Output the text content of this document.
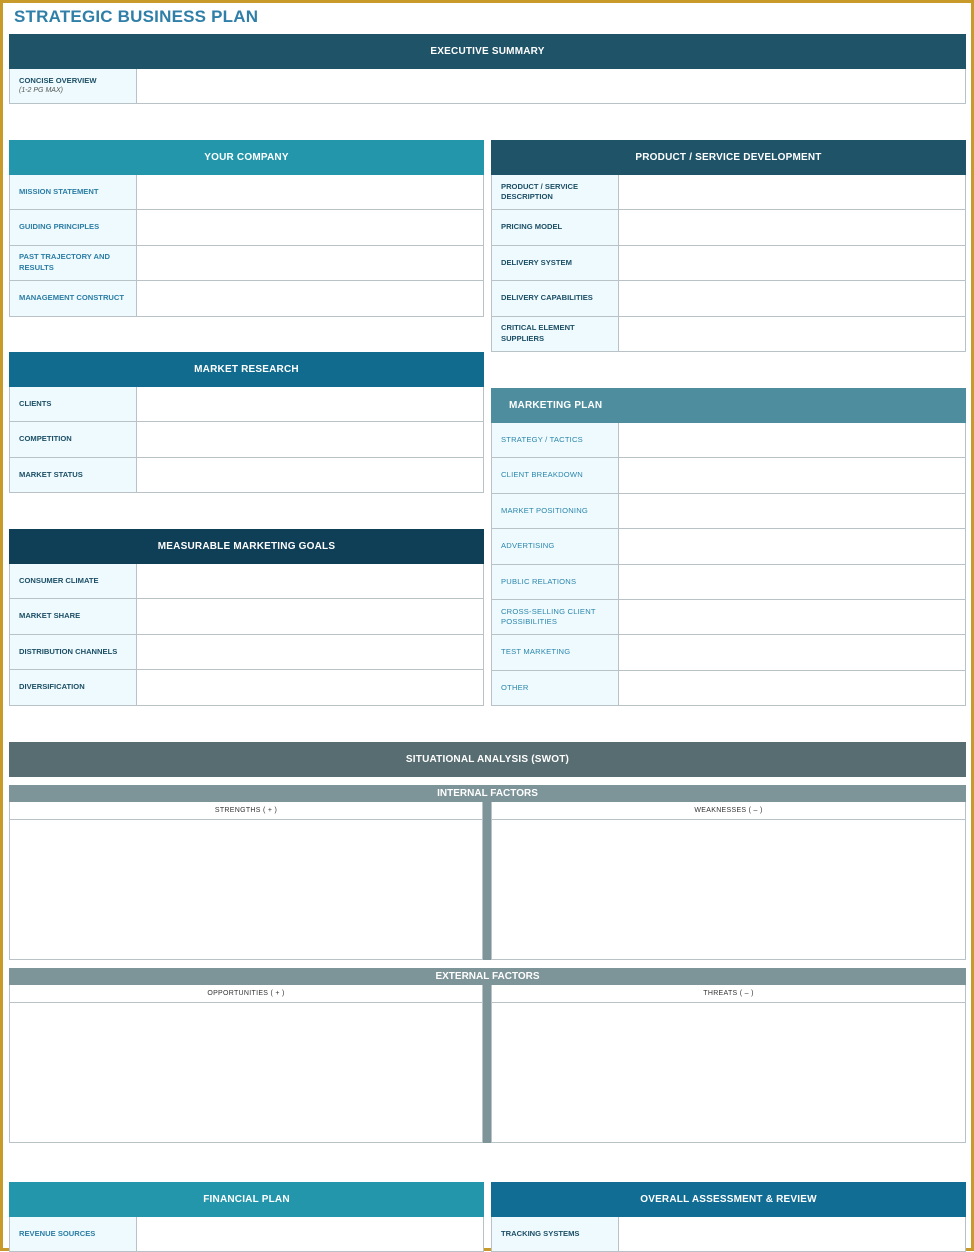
STRATEGIC BUSINESS PLAN
EXECUTIVE SUMMARY
CONCISE OVERVIEW
(1-2 PG MAX)
YOUR COMPANY
MISSION STATEMENT
GUIDING PRINCIPLES
PAST TRAJECTORY AND RESULTS
MANAGEMENT CONSTRUCT
PRODUCT / SERVICE DEVELOPMENT
PRODUCT / SERVICE DESCRIPTION
PRICING MODEL
DELIVERY SYSTEM
DELIVERY CAPABILITIES
CRITICAL ELEMENT SUPPLIERS
MARKET RESEARCH
CLIENTS
COMPETITION
MARKET STATUS
MARKETING PLAN
STRATEGY / TACTICS
CLIENT BREAKDOWN
MARKET POSITIONING
ADVERTISING
PUBLIC RELATIONS
CROSS-SELLING CLIENT POSSIBILITIES
TEST MARKETING
OTHER
MEASURABLE MARKETING GOALS
CONSUMER CLIMATE
MARKET SHARE
DISTRIBUTION CHANNELS
DIVERSIFICATION
SITUATIONAL ANALYSIS (SWOT)
INTERNAL FACTORS
STRENGTHS ( + )	WEAKNESSES ( – )
EXTERNAL FACTORS
OPPORTUNITIES ( + )	THREATS ( – )
FINANCIAL PLAN
REVENUE SOURCES
OVERALL ASSESSMENT & REVIEW
TRACKING SYSTEMS
